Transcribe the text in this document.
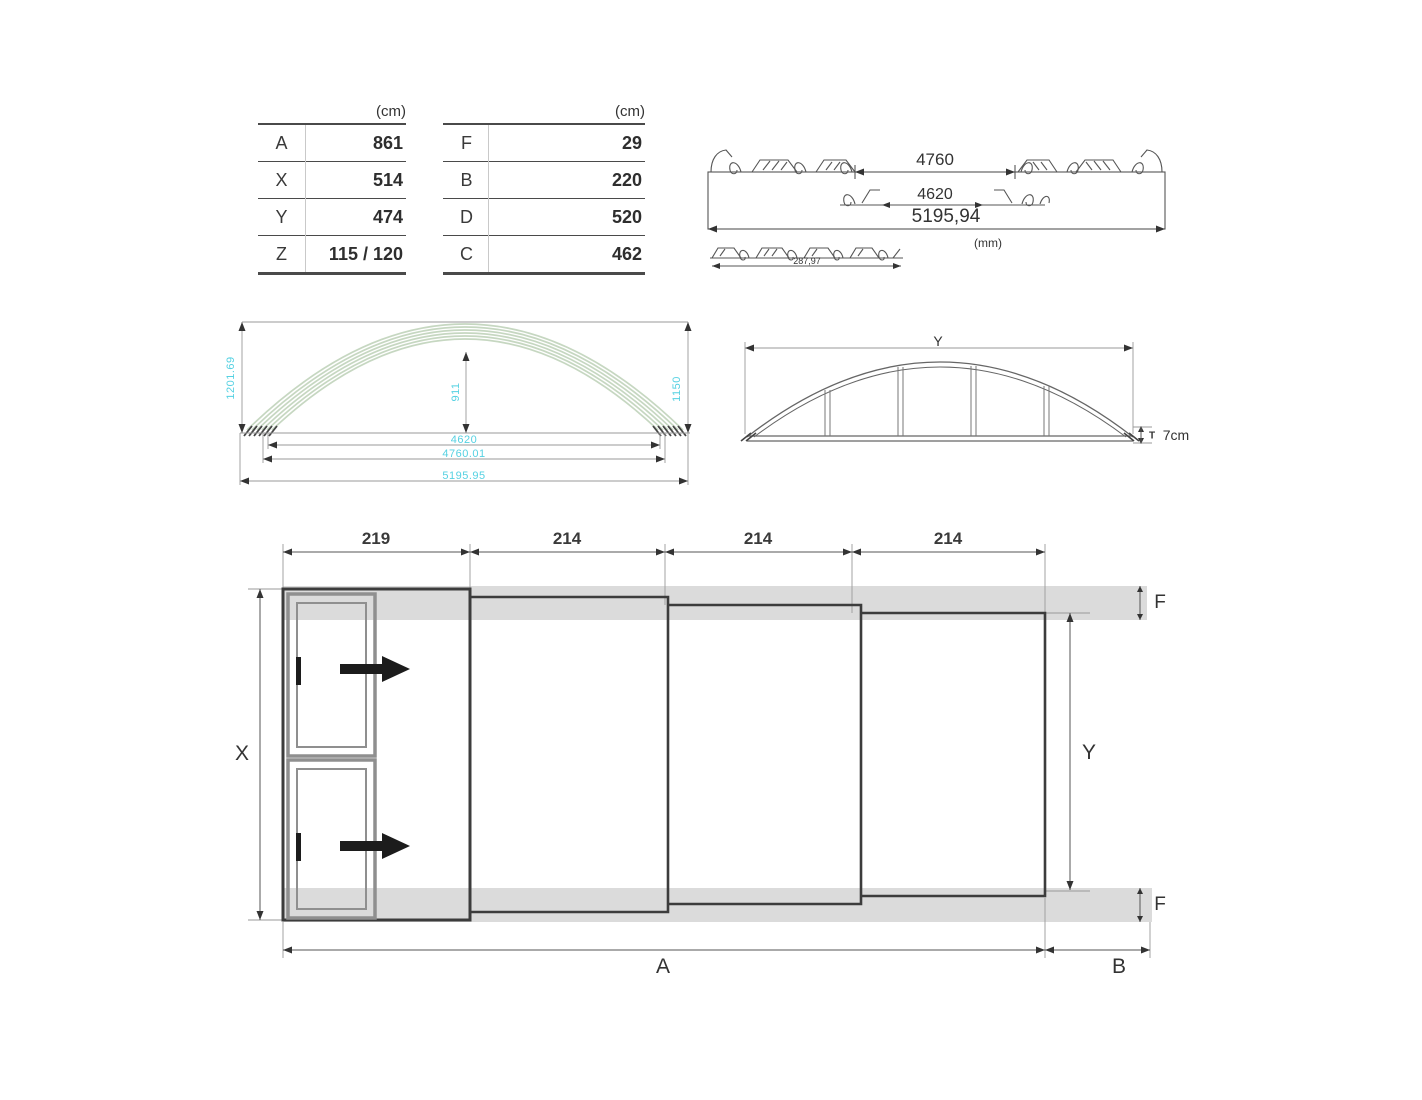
(cm)
A	861
X	514
Y	474
Z	115 / 120
(cm)
F	29
B	220
D	520
C	462
4760
4620
5195,94
(mm)
287,97
1201.69	911	1150
4620
4760.01
5195.95
Y
T 7cm
219	214	214	214
X	Y
F
F
A	B
